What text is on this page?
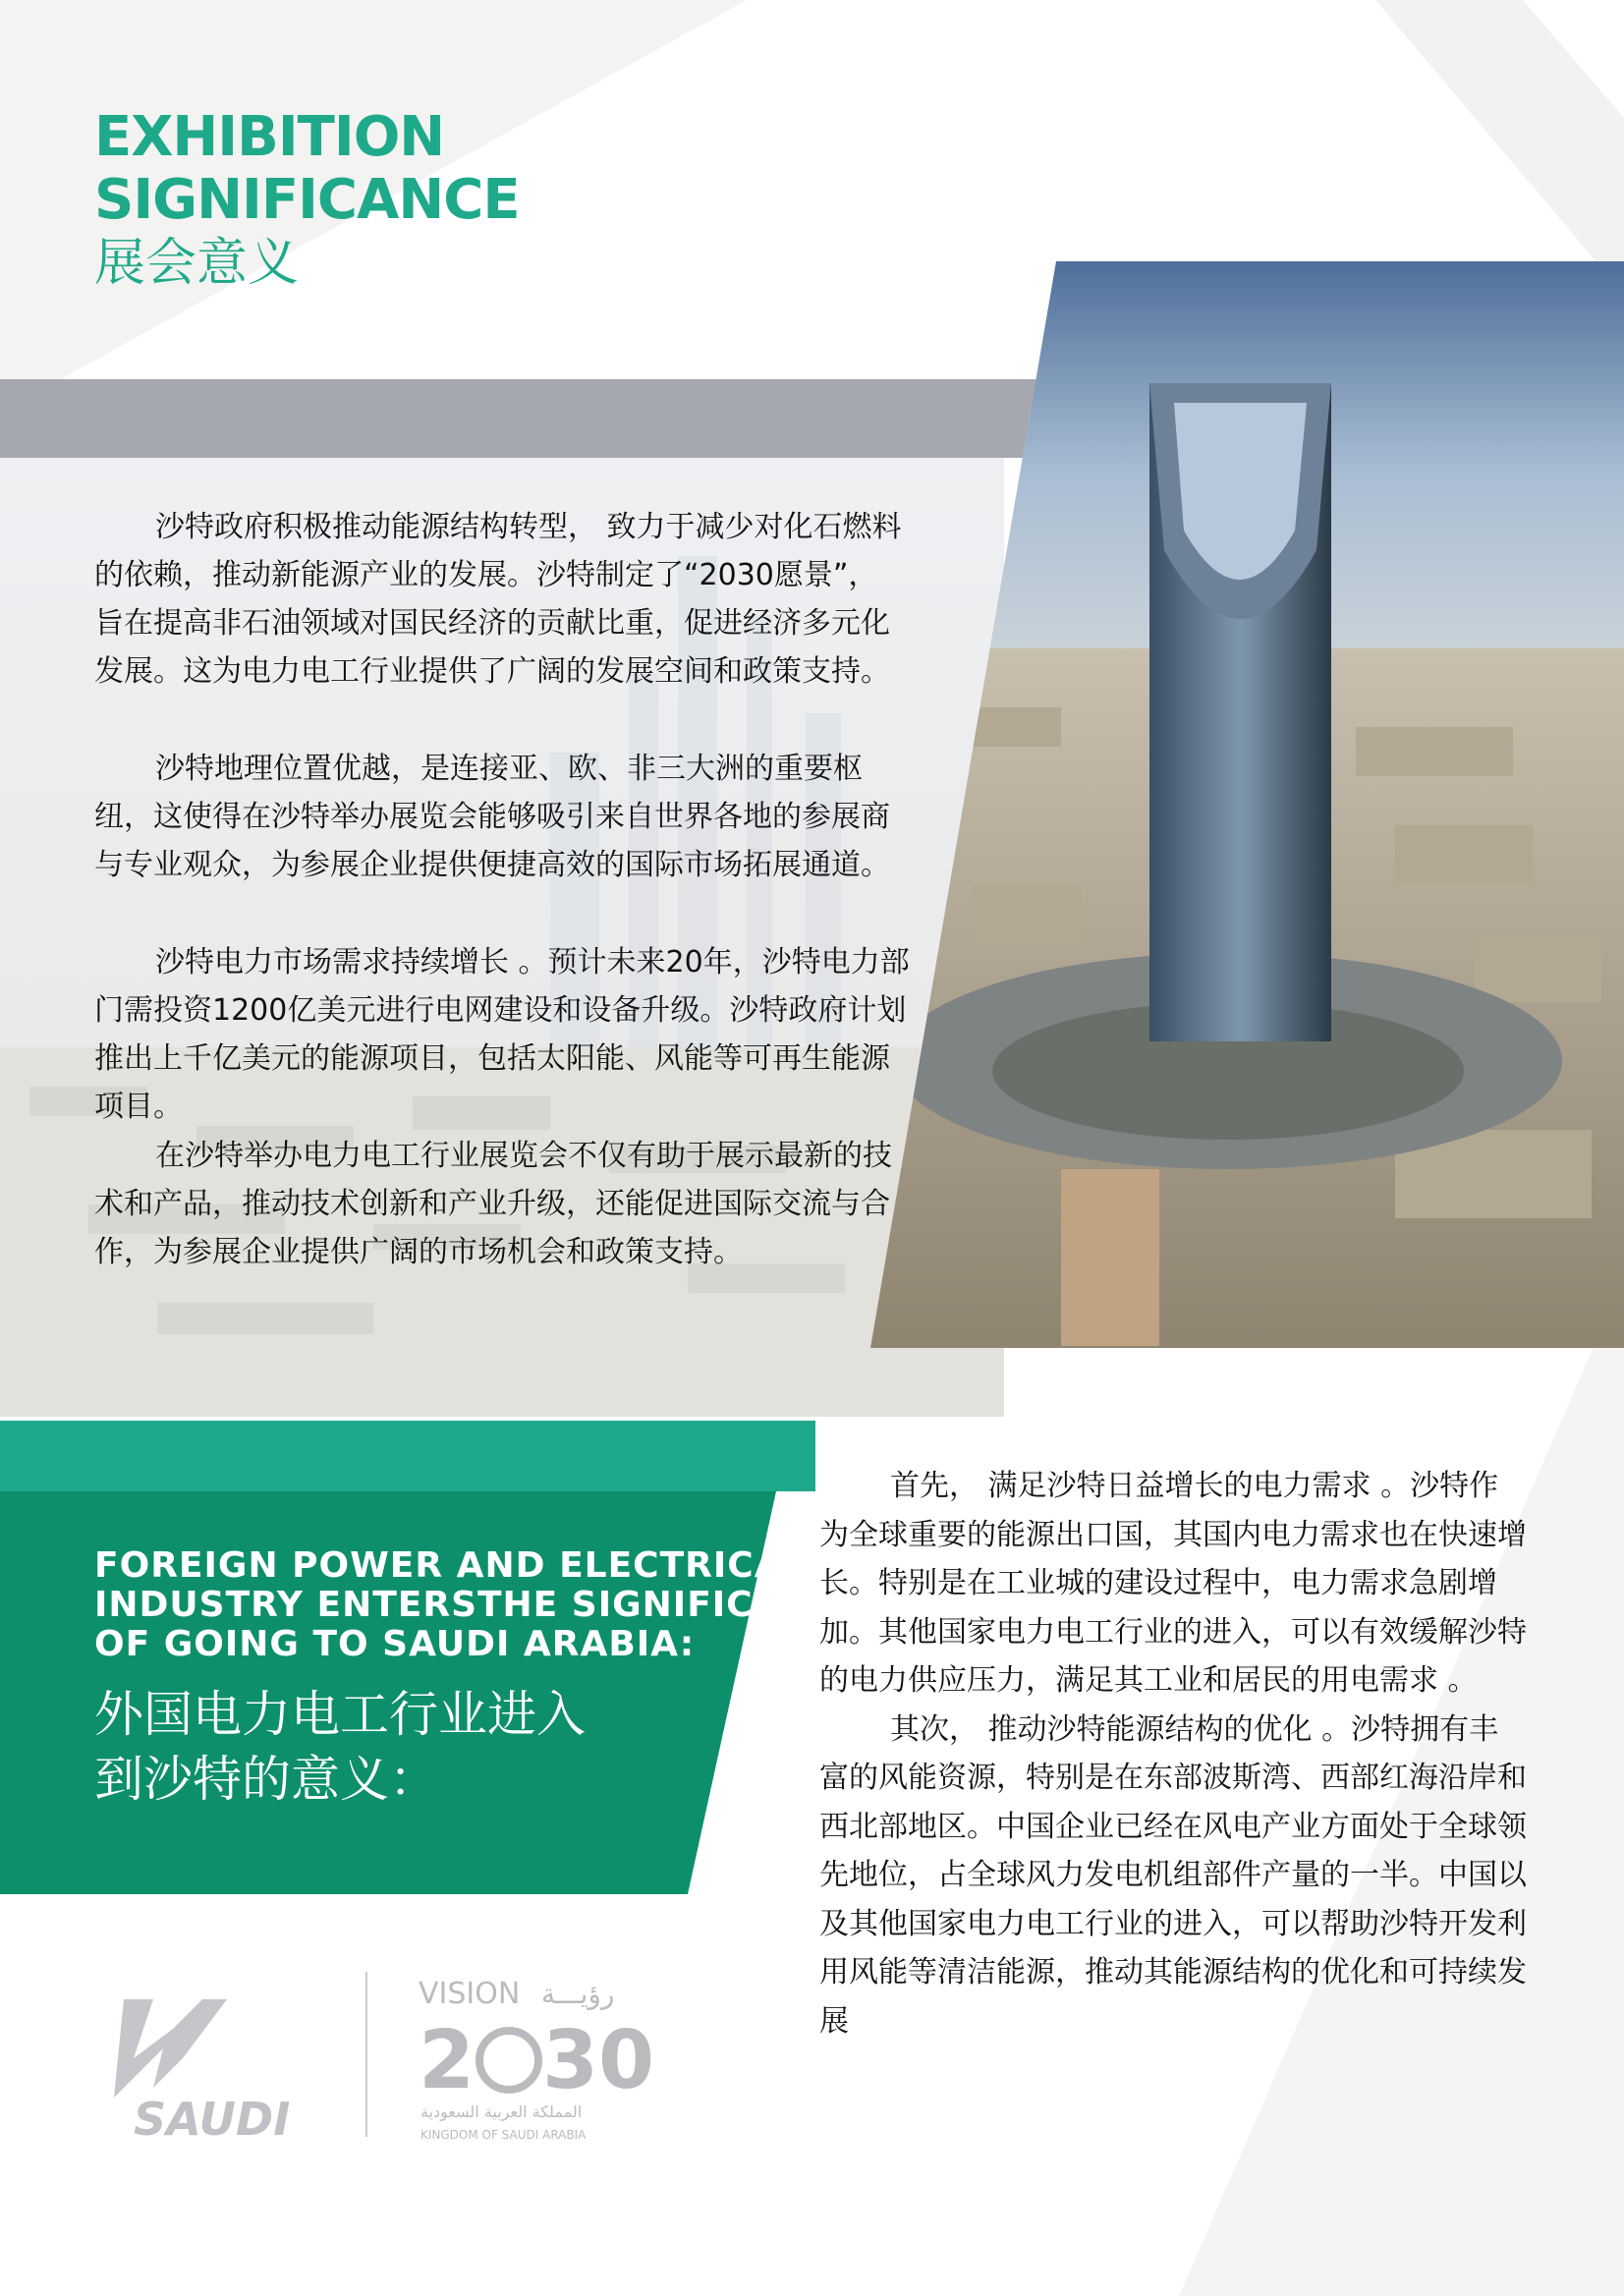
EXHIBITION
SIGNIFICANCE
展会意义

沙特政府积极推动能源结构转型， 致力于减少对化石燃料的依赖，推动新能源产业的发展。沙特制定了“2030愿景”， 旨在提高非石油领域对国民经济的贡献比重，促进经济多元化发展。这为电力电工行业提供了广阔的发展空间和政策支持。

沙特地理位置优越，是连接亚、欧、非三大洲的重要枢纽，这使得在沙特举办展览会能够吸引来自世界各地的参展商与专业观众，为参展企业提供便捷高效的国际市场拓展通道。

沙特电力市场需求持续增长 。预计未来20年，沙特电力部门需投资1200亿美元进行电网建设和设备升级。沙特政府计划推出上千亿美元的能源项目，包括太阳能、风能等可再生能源项目。

在沙特举办电力电工行业展览会不仅有助于展示最新的技术和产品，推动技术创新和产业升级，还能促进国际交流与合作，为参展企业提供广阔的市场机会和政策支持。

FOREIGN POWER AND ELECTRICAL
INDUSTRY ENTERSTHE SIGNIFICANCE
OF GOING TO SAUDI ARABIA:
外国电力电工行业进入
到沙特的意义：

首先， 满足沙特日益增长的电力需求 。沙特作为全球重要的能源出口国，其国内电力需求也在快速增长。特别是在工业城的建设过程中，电力需求急剧增加。其他国家电力电工行业的进入，可以有效缓解沙特的电力供应压力，满足其工业和居民的用电需求 。

其次， 推动沙特能源结构的优化 。沙特拥有丰富的风能资源，特别是在东部波斯湾、西部红海沿岸和西北部地区。中国企业已经在风电产业方面处于全球领先地位，占全球风力发电机组部件产量的一半。中国以及其他国家电力电工行业的进入，可以帮助沙特开发利用风能等清洁能源，推动其能源结构的优化和可持续发展

SAUDI
VISION رؤيـــة
2 30
المملكة العربية السعودية
KINGDOM OF SAUDI ARABIA
